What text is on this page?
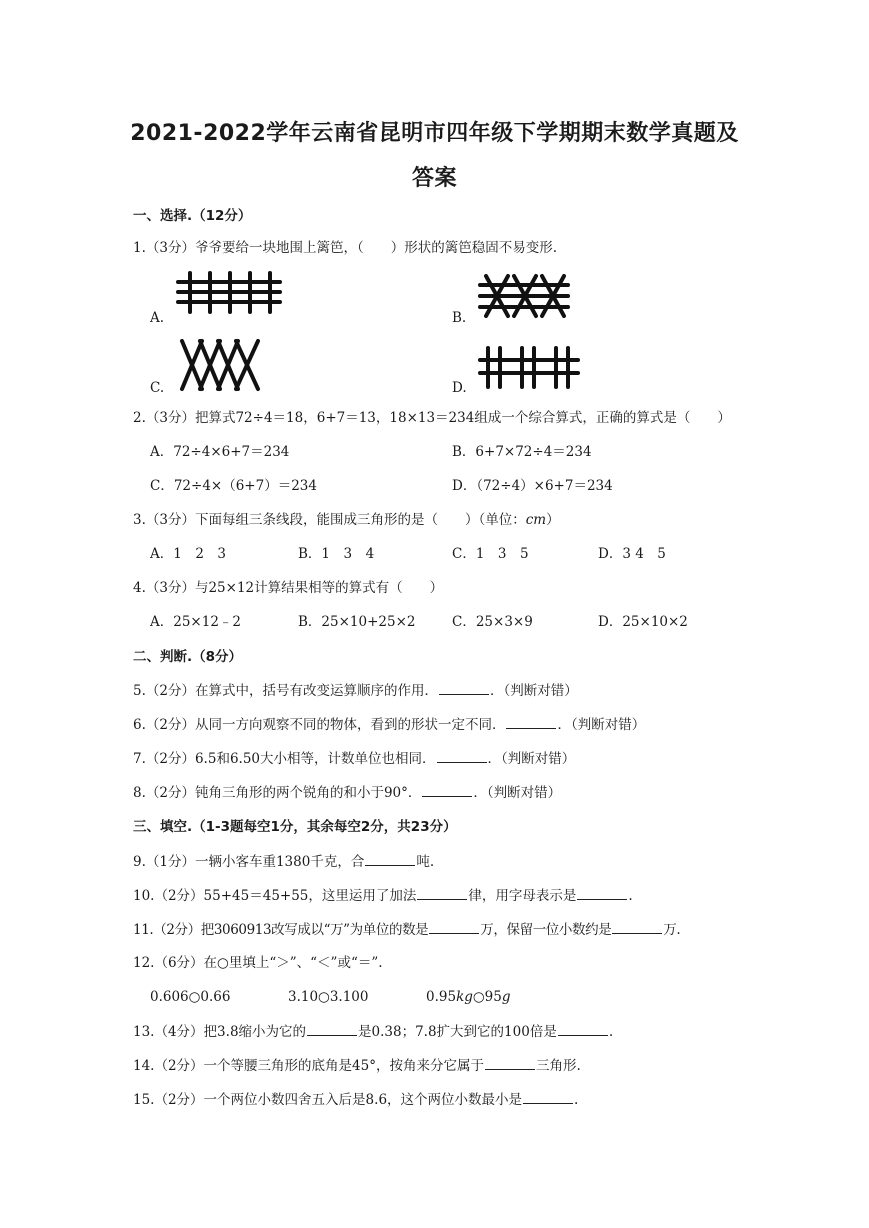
2021-2022学年云南省昆明市四年级下学期期末数学真题及
答案
一、选择.（12分）
1.（3分）爷爷要给一块地围上篱笆，（　　）形状的篱笆稳固不易变形.
A.	B.
C.	D.
2.（3分）把算式72÷4＝18，6+7＝13，18×13＝234组成一个综合算式，正确的算式是（　　）
A．72÷4×6+7＝234	B．6+7×72÷4＝234
C．72÷4×（6+7）＝234	D．（72÷4）×6+7＝234
3.（3分）下面每组三条线段，能围成三角形的是（　　）（单位：cm）
A．1　2　3	B．1　3　4	C．1　3　5	D．3 4　5
4.（3分）与25×12计算结果相等的算式有（　　）
A．25×12﹣2	B．25×10+25×2	C．25×3×9	D．25×10×2
二、判断.（8分）
5.（2分）在算式中，括号有改变运算顺序的作用．	．（判断对错）
6.（2分）从同一方向观察不同的物体，看到的形状一定不同．	．（判断对错）
7.（2分）6.5和6.50大小相等，计数单位也相同．	．（判断对错）
8.（2分）钝角三角形的两个锐角的和小于90°．	．（判断对错）
三、填空.（1-3题每空1分，其余每空2分，共23分）
9.（1分）一辆小客车重1380千克，合	吨.
10.（2分）55+45＝45+55，这里运用了加法	律，用字母表示是	.
11.（2分）把3060913改写成以“万”为单位的数是	万，保留一位小数约是	万.
12.（6分）在○里填上“＞”、“＜”或“＝”.
0.606○0.66	3.10○3.100	0.95kg○95g
13.（4分）把3.8缩小为它的	是0.38；7.8扩大到它的100倍是	.
14.（2分）一个等腰三角形的底角是45°，按角来分它属于	三角形.
15.（2分）一个两位小数四舍五入后是8.6，这个两位小数最小是	.
